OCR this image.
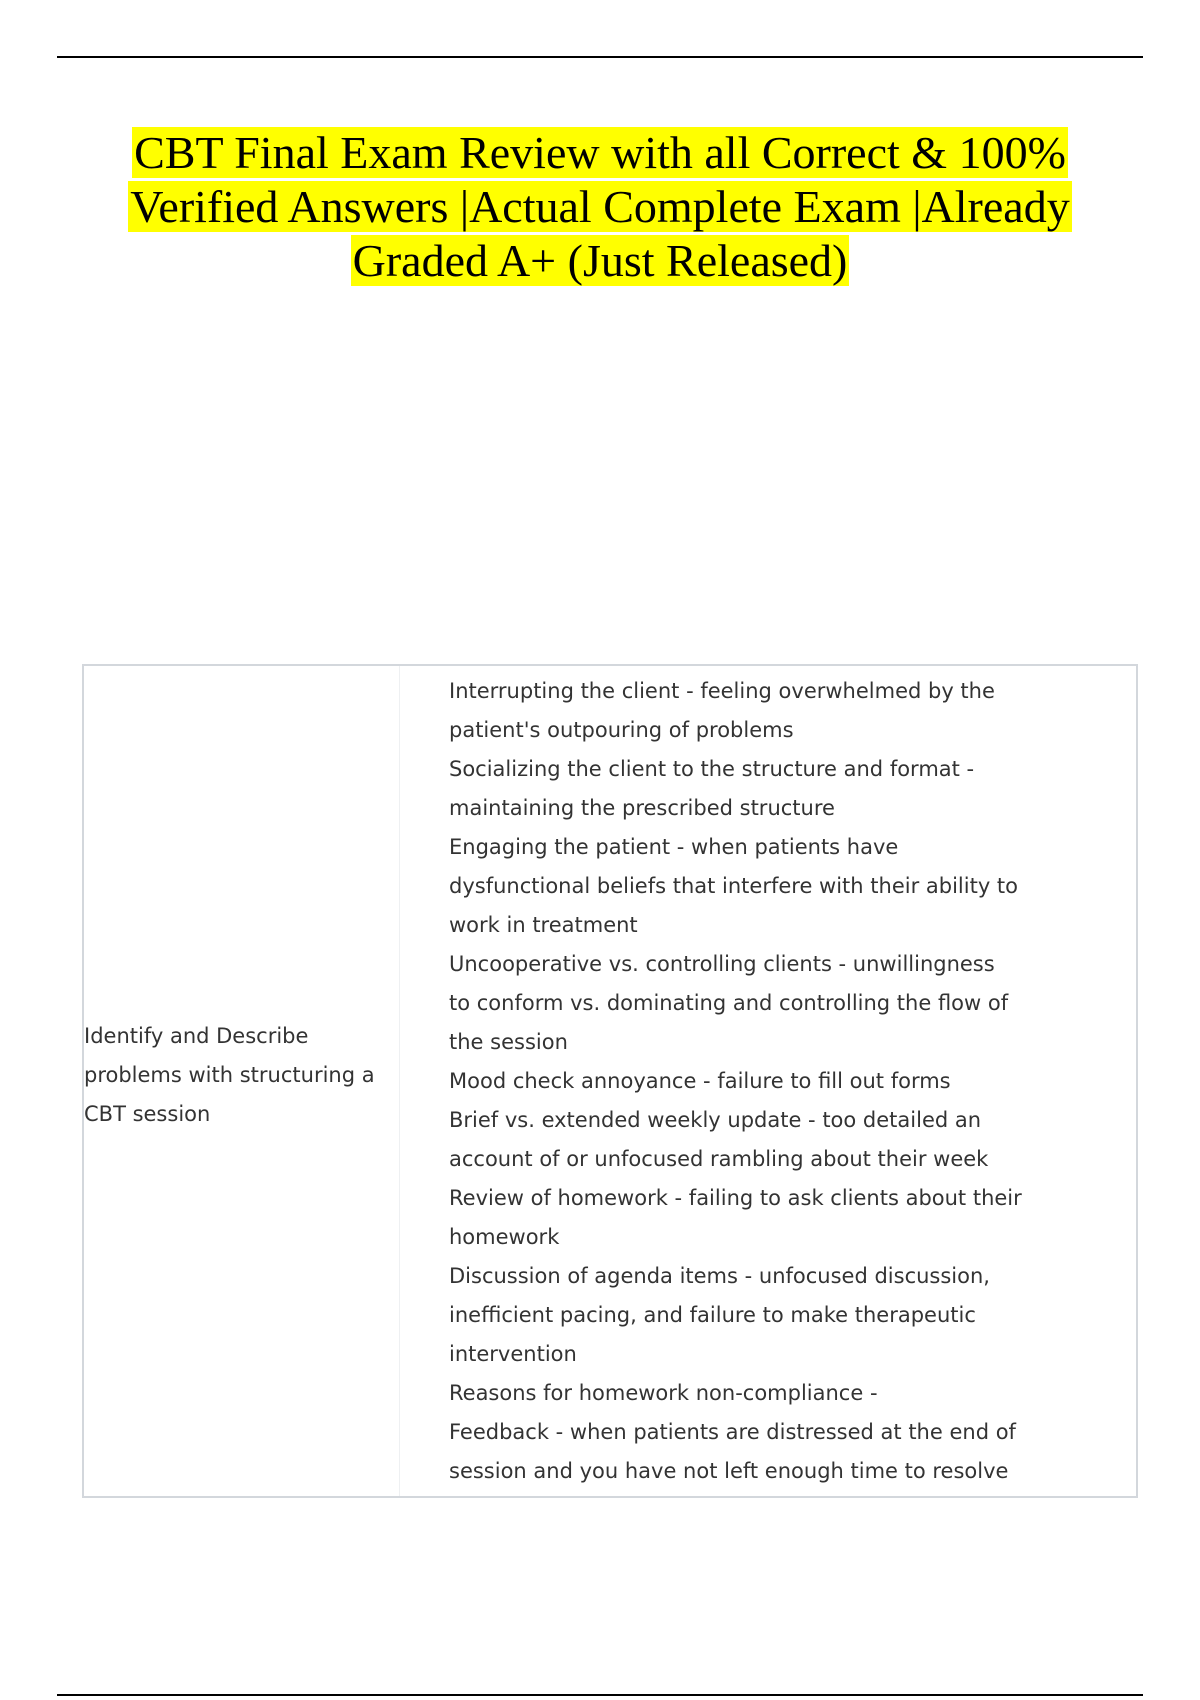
CBT Final Exam Review with all Correct & 100%
Verified Answers |Actual Complete Exam |Already
Graded A+ (Just Released)
Identify and Describe problems with structuring a CBT session
Interrupting the client - feeling overwhelmed by the
patient's outpouring of problems
Socializing the client to the structure and format -
maintaining the prescribed structure
Engaging the patient - when patients have
dysfunctional beliefs that interfere with their ability to
work in treatment
Uncooperative vs. controlling clients - unwillingness
to conform vs. dominating and controlling the flow of
the session
Mood check annoyance - failure to fill out forms
Brief vs. extended weekly update - too detailed an
account of or unfocused rambling about their week
Review of homework - failing to ask clients about their
homework
Discussion of agenda items - unfocused discussion,
inefficient pacing, and failure to make therapeutic
intervention
Reasons for homework non-compliance -
Feedback - when patients are distressed at the end of
session and you have not left enough time to resolve
